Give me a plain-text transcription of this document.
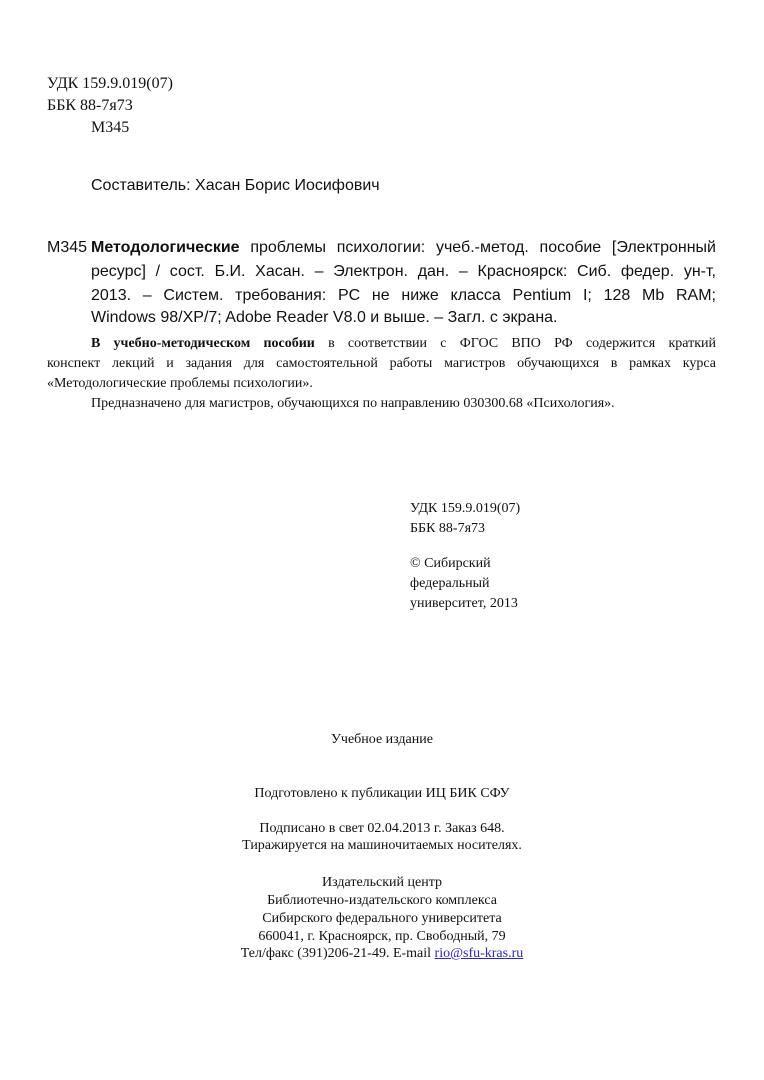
УДК 159.9.019(07)
ББК 88-7я73
М345
Составитель: Хасан Борис Иосифович
М345 Методологические проблемы психологии: учеб.-метод. пособие [Электронный
ресурс] / сост. Б.И. Хасан. – Электрон. дан. – Красноярск: Сиб. федер. ун-т,
2013. – Систем. требования: PC не ниже класса Pentium I; 128 Mb RAM;
Windows 98/XP/7; Adobe Reader V8.0 и выше. – Загл. с экрана.
В учебно-методическом пособии в соответствии с ФГОС ВПО РФ содержится краткий
конспект лекций и задания для самостоятельной работы магистров обучающихся в рамках курса
«Методологические проблемы психологии».
Предназначено для магистров, обучающихся по направлению 030300.68 «Психология».
УДК 159.9.019(07)
ББК 88-7я73
© Сибирский
федеральный
университет, 2013
Учебное издание
Подготовлено к публикации ИЦ БИК СФУ
Подписано в свет 02.04.2013 г. Заказ 648.
Тиражируется на машиночитаемых носителях.
Издательский центр
Библиотечно-издательского комплекса
Сибирского федерального университета
660041, г. Красноярск, пр. Свободный, 79
Тел/факс (391)206-21-49. E-mail rio@sfu-kras.ru
